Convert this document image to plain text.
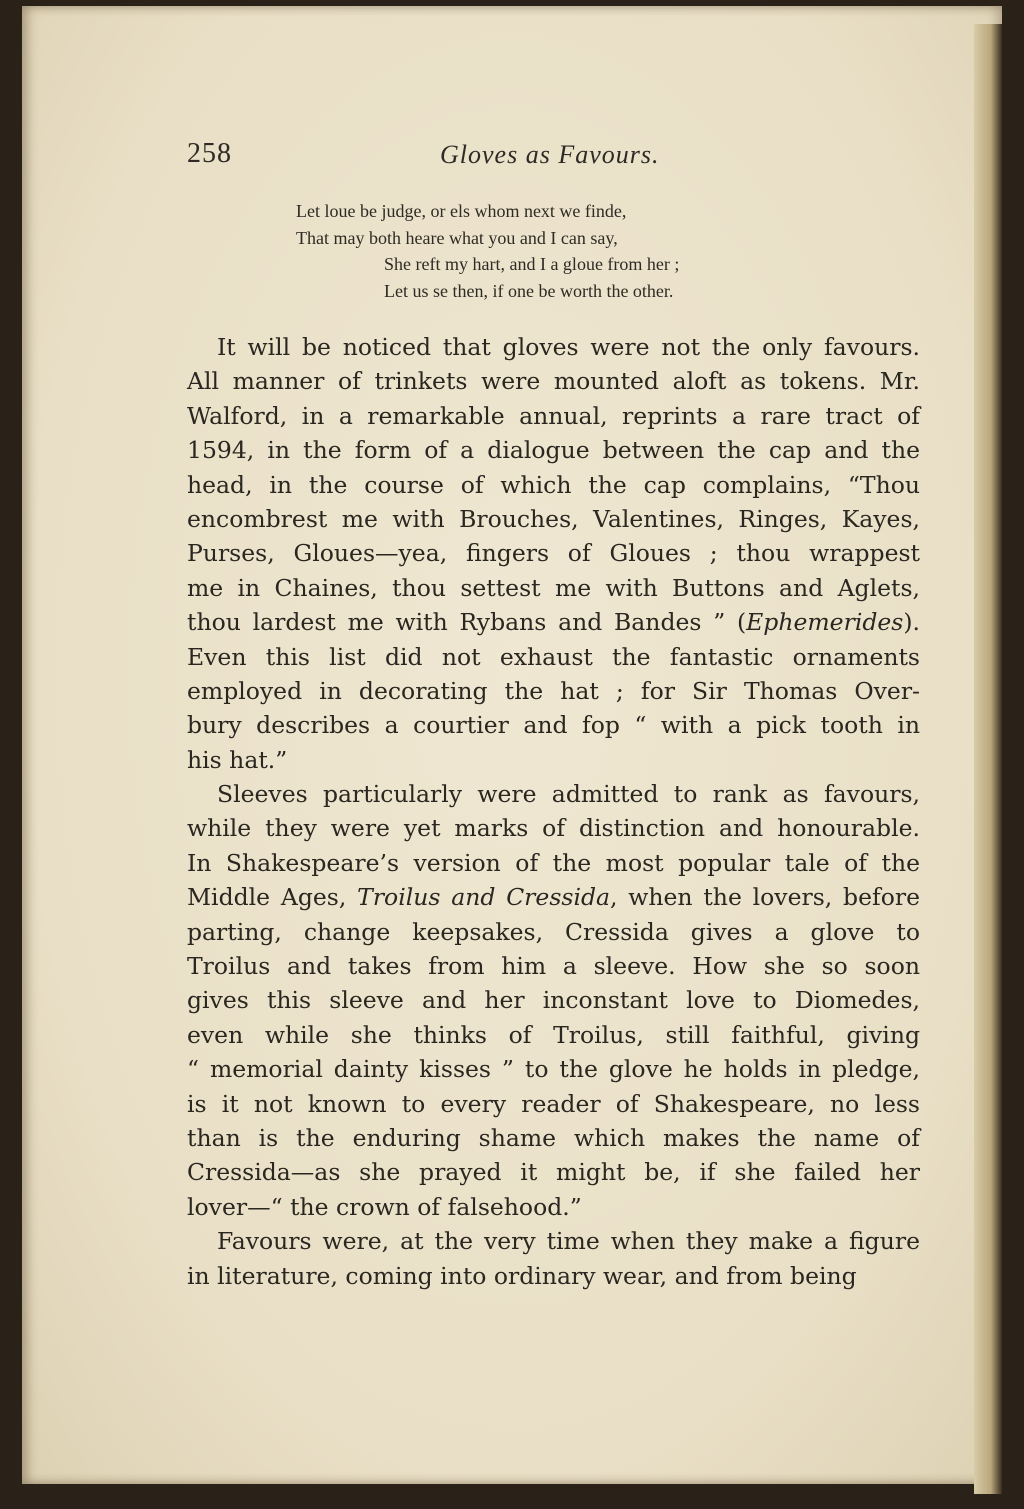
258	Gloves as Favours.
Let loue be judge, or els whom next we finde,
That may both heare what you and I can say,
She reft my hart, and I a gloue from her ;
Let us se then, if one be worth the other.
It will be noticed that gloves were not the only favours.
All manner of trinkets were mounted aloft as tokens. Mr.
Walford, in a remarkable annual, reprints a rare tract of
1594, in the form of a dialogue between the cap and the
head, in the course of which the cap complains, “Thou
encombrest me with Brouches, Valentines, Ringes, Kayes,
Purses, Gloues—yea, fingers of Gloues ; thou wrappest
me in Chaines, thou settest me with Buttons and Aglets,
thou lardest me with Rybans and Bandes ” (Ephemerides).
Even this list did not exhaust the fantastic ornaments
employed in decorating the hat ; for Sir Thomas Over-
bury describes a courtier and fop “ with a pick tooth in
his hat.”
Sleeves particularly were admitted to rank as favours,
while they were yet marks of distinction and honourable.
In Shakespeare’s version of the most popular tale of the
Middle Ages, Troilus and Cressida, when the lovers, before
parting, change keepsakes, Cressida gives a glove to
Troilus and takes from him a sleeve. How she so soon
gives this sleeve and her inconstant love to Diomedes,
even while she thinks of Troilus, still faithful, giving
“ memorial dainty kisses ” to the glove he holds in pledge,
is it not known to every reader of Shakespeare, no less
than is the enduring shame which makes the name of
Cressida—as she prayed it might be, if she failed her
lover—“ the crown of falsehood.”
Favours were, at the very time when they make a figure
in literature, coming into ordinary wear, and from being
